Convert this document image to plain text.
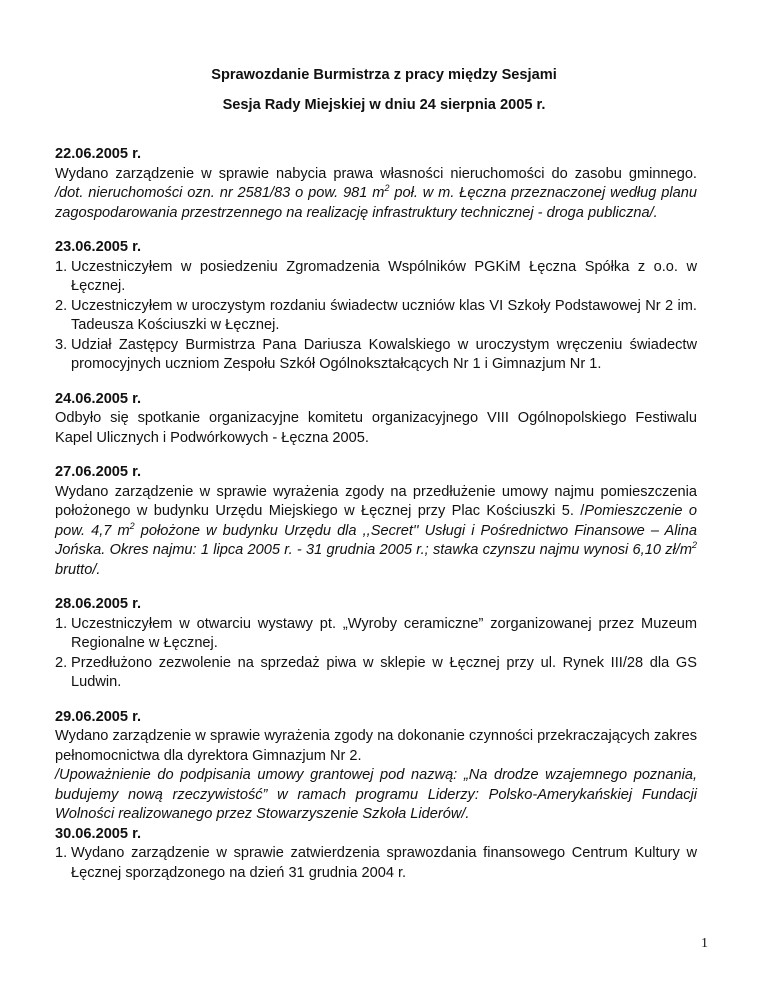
Sprawozdanie Burmistrza z pracy między Sesjami

Sesja Rady Miejskiej w dniu 24 sierpnia 2005 r.

22.06.2005 r.

Wydano zarządzenie w sprawie nabycia prawa własności nieruchomości do zasobu gminnego. /dot. nieruchomości ozn. nr 2581/83 o pow. 981 $m^2$ poł. w m. Łęczna przeznaczonej według planu zagospodarowania przestrzennego na realizację infrastruktury technicznej - droga publiczna/.

23.06.2005 r.

1. Uczestniczyłem w posiedzeniu Zgromadzenia Wspólników PGKiM Łęczna Spółka z o.o. w Łęcznej.
2. Uczestniczyłem w uroczystym rozdaniu świadectw uczniów klas VI Szkoły Podstawowej Nr 2 im. Tadeusza Kościuszki w Łęcznej.
3. Udział Zastępcy Burmistrza Pana Dariusza Kowalskiego w uroczystym wręczeniu świadectw promocyjnych uczniom Zespołu Szkół Ogólnokształcących Nr 1 i Gimnazjum Nr 1.

24.06.2005 r.

Odbyło się spotkanie organizacyjne komitetu organizacyjnego VIII Ogólnopolskiego Festiwalu Kapel Ulicznych i Podwórkowych - Łęczna 2005.

27.06.2005 r.

Wydano zarządzenie w sprawie wyrażenia zgody na przedłużenie umowy najmu pomieszczenia położonego w budynku Urzędu Miejskiego w Łęcznej przy Plac Kościuszki 5. /Pomieszczenie o pow. 4,7 $m^2$ położone w budynku Urzędu dla ,,Secret'' Usługi i Pośrednictwo Finansowe – Alina Jońska. Okres najmu: 1 lipca 2005 r. - 31 grudnia 2005 r.; stawka czynszu najmu wynosi 6,10 $zł/m^2$ brutto/.

28.06.2005 r.

1. Uczestniczyłem w otwarciu wystawy pt. „Wyroby ceramiczne” zorganizowanej przez Muzeum Regionalne w Łęcznej.
2. Przedłużono zezwolenie na sprzedaż piwa w sklepie w Łęcznej przy ul. Rynek III/28 dla GS Ludwin.

29.06.2005 r.

Wydano zarządzenie w sprawie wyrażenia zgody na dokonanie czynności przekraczających zakres pełnomocnictwa dla dyrektora Gimnazjum Nr 2.

/Upoważnienie do podpisania umowy grantowej pod nazwą: „Na drodze wzajemnego poznania, budujemy nową rzeczywistość” w ramach programu Liderzy: Polsko-Amerykańskiej Fundacji Wolności realizowanego przez Stowarzyszenie Szkoła Liderów/.

30.06.2005 r.

1. Wydano zarządzenie w sprawie zatwierdzenia sprawozdania finansowego Centrum Kultury w Łęcznej sporządzonego na dzień 31 grudnia 2004 r.
1
